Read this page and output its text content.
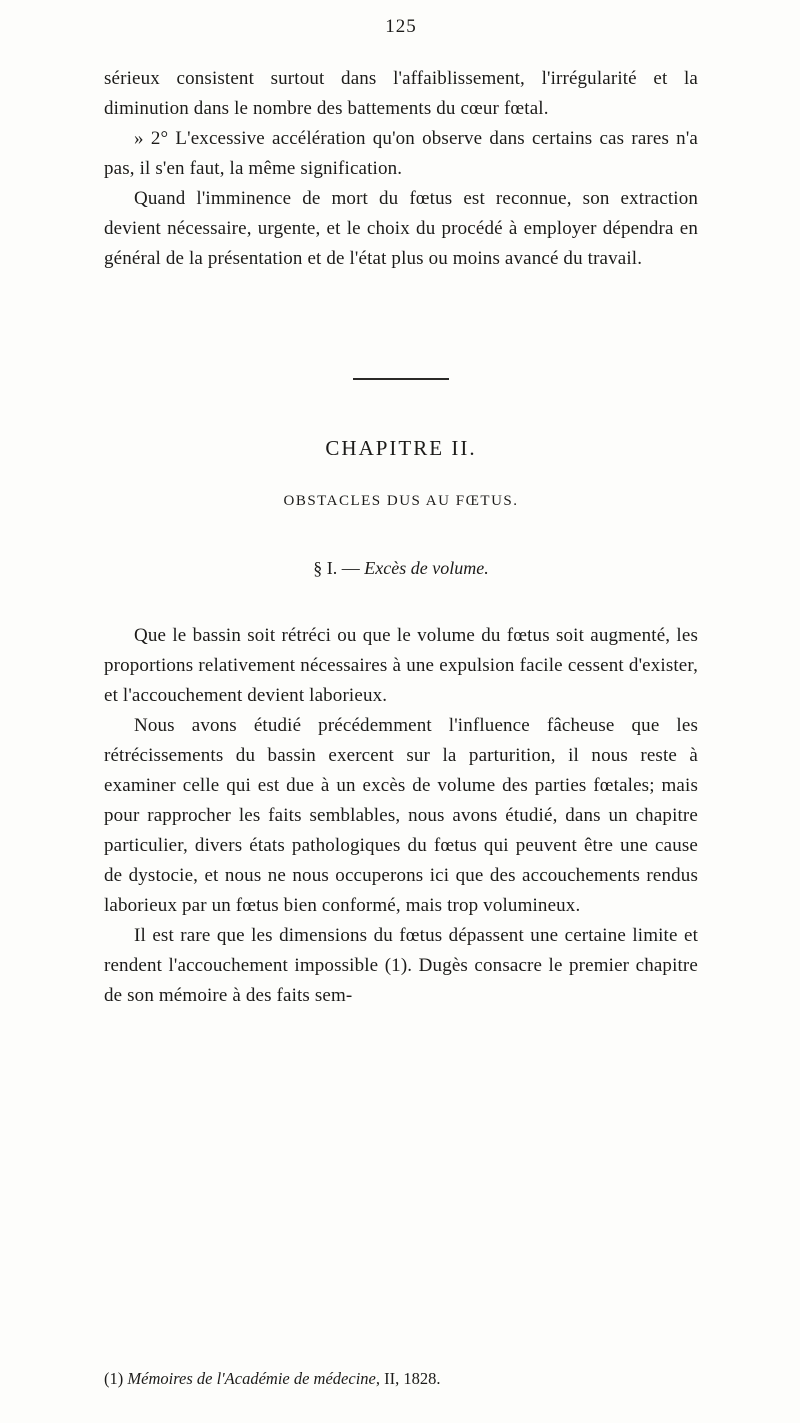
125

sérieux consistent surtout dans l'affaiblissement, l'irrégularité et la diminution dans le nombre des battements du cœur fœtal.

» 2° L'excessive accélération qu'on observe dans certains cas rares n'a pas, il s'en faut, la même signification.

Quand l'imminence de mort du fœtus est reconnue, son extraction devient nécessaire, urgente, et le choix du procédé à employer dépendra en général de la présentation et de l'état plus ou moins avancé du travail.

CHAPITRE II.
OBSTACLES DUS AU FŒTUS.
§ I. — Excès de volume.

Que le bassin soit rétréci ou que le volume du fœtus soit augmenté, les proportions relativement nécessaires à une expulsion facile cessent d'exister, et l'accouchement devient laborieux.

Nous avons étudié précédemment l'influence fâcheuse que les rétrécissements du bassin exercent sur la parturition, il nous reste à examiner celle qui est due à un excès de volume des parties fœtales; mais pour rapprocher les faits semblables, nous avons étudié, dans un chapitre particulier, divers états pathologiques du fœtus qui peuvent être une cause de dystocie, et nous ne nous occuperons ici que des accouchements rendus laborieux par un fœtus bien conformé, mais trop volumineux.

Il est rare que les dimensions du fœtus dépassent une certaine limite et rendent l'accouchement impossible (1). Dugès consacre le premier chapitre de son mémoire à des faits sem-

(1) Mémoires de l'Académie de médecine, II, 1828.
